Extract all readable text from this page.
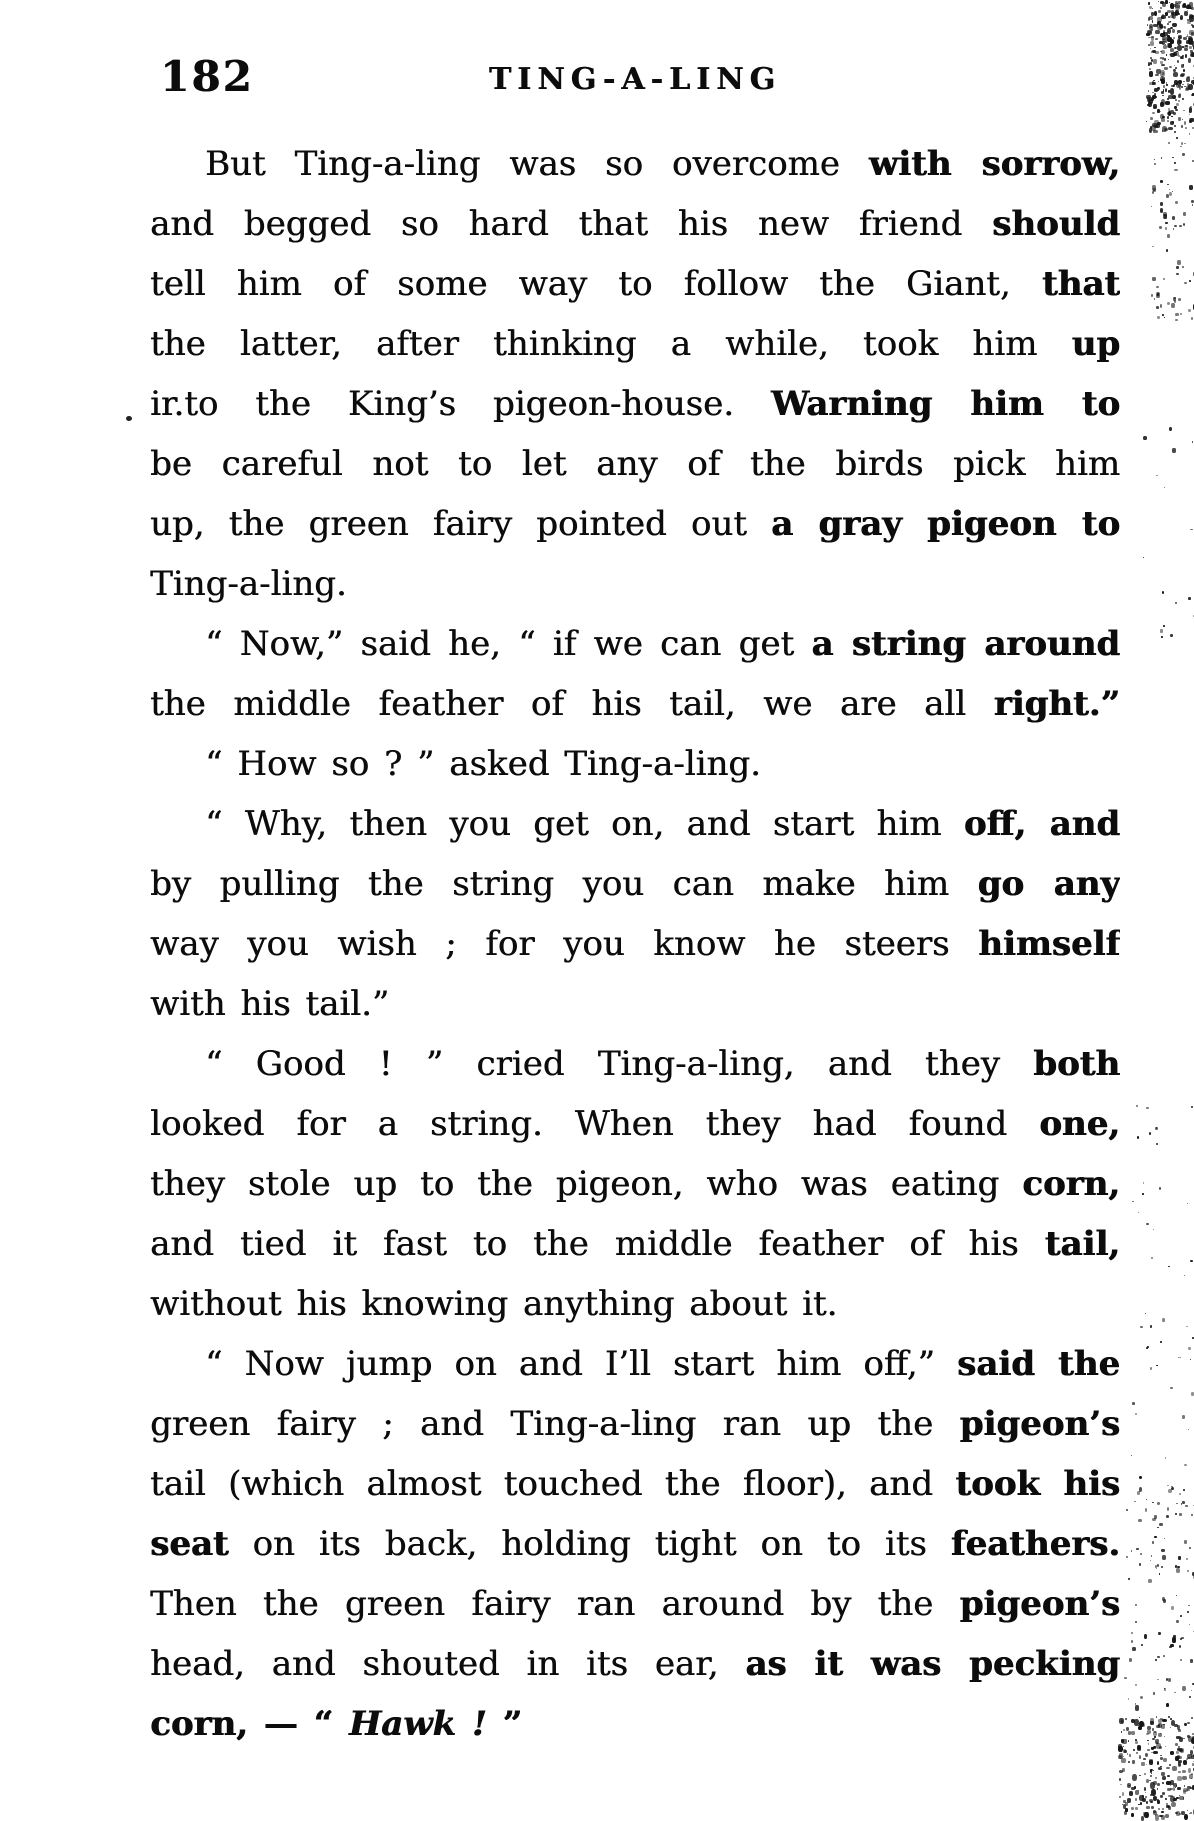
182	TING-A-LING
But Ting-a-ling was so overcome with sorrow,
and begged so hard that his new friend should
tell him of some way to follow the Giant, that
the latter, after thinking a while, took him up
ir.to the King’s pigeon-house. Warning him to
be careful not to let any of the birds pick him
up, the green fairy pointed out a gray pigeon to
Ting-a-ling.
“ Now,” said he, “ if we can get a string around
the middle feather of his tail, we are all right.”
“ How so ? ” asked Ting-a-ling.
“ Why, then you get on, and start him off, and
by pulling the string you can make him go any
way you wish ; for you know he steers himself
with his tail.”
“ Good ! ” cried Ting-a-ling, and they both
looked for a string. When they had found one,
they stole up to the pigeon, who was eating corn,
and tied it fast to the middle feather of his tail,
without his knowing anything about it.
“ Now jump on and I’ll start him off,” said the
green fairy ; and Ting-a-ling ran up the pigeon’s
tail (which almost touched the floor), and took his
seat on its back, holding tight on to its feathers.
Then the green fairy ran around by the pigeon’s
head, and shouted in its ear, as it was pecking
corn, — “ Hawk ! ”
